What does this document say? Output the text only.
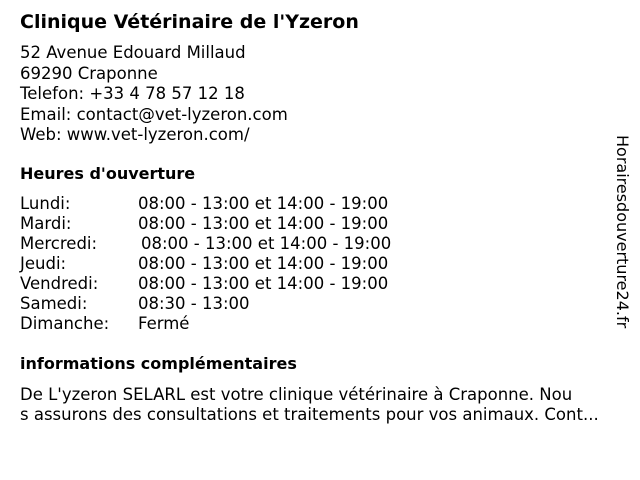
Clinique Vétérinaire de l'Yzeron
52 Avenue Edouard Millaud
69290 Craponne
Telefon: +33 4 78 57 12 18
Email: contact@vet-lyzeron.com
Web: www.vet-lyzeron.com/
Heures d'ouverture
Lundi:	08:00 - 13:00 et 14:00 - 19:00
Mardi:	08:00 - 13:00 et 14:00 - 19:00
Mercredi:	08:00 - 13:00 et 14:00 - 19:00
Jeudi:	08:00 - 13:00 et 14:00 - 19:00
Vendredi: 08:00 - 13:00 et 14:00 - 19:00
Samedi:	08:30 - 13:00
Dimanche: Fermé
informations complémentaires
De L'yzeron SELARL est votre clinique vétérinaire à Craponne. Nou
s assurons des consultations et traitements pour vos animaux. Cont...
Horairesdouverture24.fr
